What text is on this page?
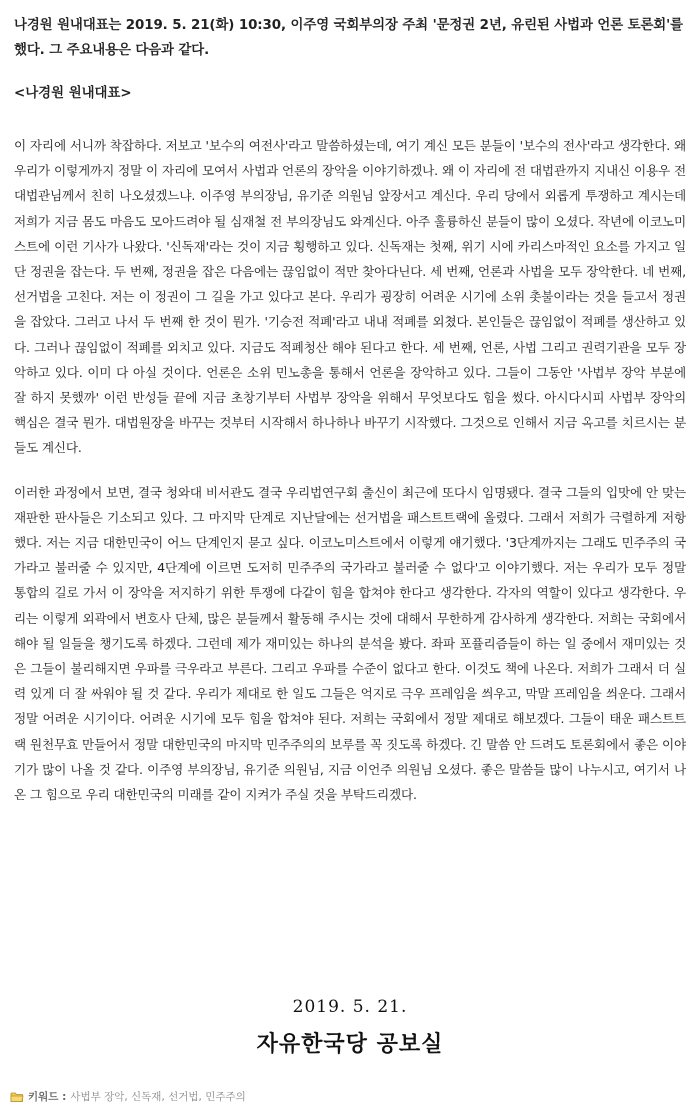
나경원 원내대표는 2019. 5. 21(화) 10:30, 이주영 국회부의장 주최 '문정권 2년, 유린된 사법과 언론 토론회'를 했다. 그 주요내용은 다음과 같다.

<나경원 원내대표>

이 자리에 서니까 착잡하다. 저보고 '보수의 여전사'라고 말씀하셨는데, 여기 계신 모든 분들이 '보수의 전사'라고 생각한다. 왜 우리가 이렇게까지 정말 이 자리에 모여서 사법과 언론의 장악을 이야기하겠나. 왜 이 자리에 전 대법관까지 지내신 이용우 전 대법관님께서 친히 나오셨겠느냐. 이주영 부의장님, 유기준 의원님 앞장서고 계신다. 우리 당에서 외롭게 투쟁하고 계시는데 저희가 지금 몸도 마음도 모아드려야 될 심재철 전 부의장님도 와계신다. 아주 훌륭하신 분들이 많이 오셨다. 작년에 이코노미스트에 이런 기사가 나왔다. '신독재'라는 것이 지금 횡행하고 있다. 신독재는 첫째, 위기 시에 카리스마적인 요소를 가지고 일단 정권을 잡는다. 두 번째, 정권을 잡은 다음에는 끊임없이 적만 찾아다닌다. 세 번째, 언론과 사법을 모두 장악한다. 네 번째, 선거법을 고친다. 저는 이 정권이 그 길을 가고 있다고 본다. 우리가 굉장히 어려운 시기에 소위 촛불이라는 것을 들고서 정권을 잡았다. 그러고 나서 두 번째 한 것이 뭔가. '기승전 적폐'라고 내내 적폐를 외쳤다. 본인들은 끊임없이 적폐를 생산하고 있다. 그러나 끊임없이 적폐를 외치고 있다. 지금도 적폐청산 해야 된다고 한다. 세 번째, 언론, 사법 그리고 권력기관을 모두 장악하고 있다. 이미 다 아실 것이다. 언론은 소위 민노총을 통해서 언론을 장악하고 있다. 그들이 그동안 '사법부 장악 부분에 잘 하지 못했까' 이런 반성들 끝에 지금 초창기부터 사법부 장악을 위해서 무엇보다도 힘을 썼다. 아시다시피 사법부 장악의 핵심은 결국 뭔가. 대법원장을 바꾸는 것부터 시작해서 하나하나 바꾸기 시작했다. 그것으로 인해서 지금 옥고를 치르시는 분들도 계신다.

이러한 과정에서 보면, 결국 청와대 비서관도 결국 우리법연구회 출신이 최근에 또다시 임명됐다. 결국 그들의 입맛에 안 맞는 재판한 판사들은 기소되고 있다. 그 마지막 단계로 지난달에는 선거법을 패스트트랙에 올렸다. 그래서 저희가 극렬하게 저항했다. 저는 지금 대한민국이 어느 단계인지 묻고 싶다. 이코노미스트에서 이렇게 얘기했다. '3단계까지는 그래도 민주주의 국가라고 불러줄 수 있지만, 4단계에 이르면 도저히 민주주의 국가라고 불러줄 수 없다'고 이야기했다. 저는 우리가 모두 정말 통합의 길로 가서 이 장악을 저지하기 위한 투쟁에 다같이 힘을 합쳐야 한다고 생각한다. 각자의 역할이 있다고 생각한다. 우리는 이렇게 외곽에서 변호사 단체, 많은 분들께서 활동해 주시는 것에 대해서 무한하게 감사하게 생각한다. 저희는 국회에서 해야 될 일들을 챙기도록 하겠다. 그런데 제가 재미있는 하나의 분석을 봤다. 좌파 포퓰리즘들이 하는 일 중에서 재미있는 것은 그들이 불리해지면 우파를 극우라고 부른다. 그리고 우파를 수준이 없다고 한다. 이것도 책에 나온다. 저희가 그래서 더 실력 있게 더 잘 싸워야 될 것 같다. 우리가 제대로 한 일도 그들은 억지로 극우 프레임을 씌우고, 막말 프레임을 씌운다. 그래서 정말 어려운 시기이다. 어려운 시기에 모두 힘을 합쳐야 된다. 저희는 국회에서 정말 제대로 해보겠다. 그들이 태운 패스트트랙 원천무효 만들어서 정말 대한민국의 마지막 민주주의의 보루를 꼭 짓도록 하겠다. 긴 말씀 안 드려도 토론회에서 좋은 이야기가 많이 나올 것 같다. 이주영 부의장님, 유기준 의원님, 지금 이언주 의원님 오셨다. 좋은 말씀들 많이 나누시고, 여기서 나온 그 힘으로 우리 대한민국의 미래를 같이 지켜가 주실 것을 부탁드리겠다.

2019. 5. 21.
자유한국당 공보실
키워드 : 사법부 장악, 신독재, 선거법, 민주주의
